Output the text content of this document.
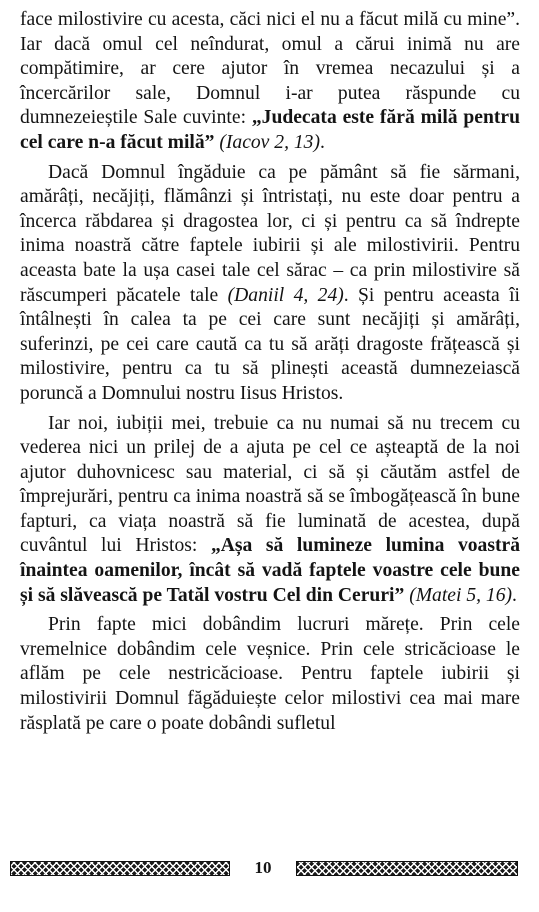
face milostivire cu acesta, căci nici el nu a făcut milă cu mine”. Iar dacă omul cel neîndurat, omul a cărui inimă nu are compătimire, ar cere ajutor în vremea necazului și a încercărilor sale, Domnul i-ar putea răspunde cu dumnezeieștile Sale cuvinte: „Judecata este fără milă pentru cel care n-a făcut milă” (Iacov 2, 13).

Dacă Domnul îngăduie ca pe pământ să fie sărmani, amărâți, necăjiți, flămânzi și întristați, nu este doar pentru a încerca răbdarea și dragostea lor, ci și pentru ca să îndrepte inima noastră către faptele iubirii și ale milostivirii. Pentru aceasta bate la ușa casei tale cel sărac – ca prin milostivire să răscumperi păcatele tale (Daniil 4, 24). Și pentru aceasta îi întâlnești în calea ta pe cei care sunt necăjiți și amărâți, suferinzi, pe cei care caută ca tu să arăți dragoste frățească și milostivire, pentru ca tu să plinești această dumnezeiască poruncă a Domnului nostru Iisus Hristos.

Iar noi, iubiții mei, trebuie ca nu numai să nu trecem cu vederea nici un prilej de a ajuta pe cel ce așteaptă de la noi ajutor duhovnicesc sau material, ci să și căutăm astfel de împrejurări, pentru ca inima noastră să se îmbogățească în bune fapturi, ca viața noastră să fie luminată de acestea, după cuvântul lui Hristos: „Așa să lumineze lumina voastră înaintea oamenilor, încât să vadă faptele voastre cele bune și să slăvească pe Tatăl vostru Cel din Ceruri” (Matei 5, 16).

Prin fapte mici dobândim lucruri mărețe. Prin cele vremelnice dobândim cele veșnice. Prin cele stricăcioase le aflăm pe cele nestricăcioase. Pentru faptele iubirii și milostivirii Domnul făgăduiește celor milostivi cea mai mare răsplată pe care o poate dobândi sufletul

10
